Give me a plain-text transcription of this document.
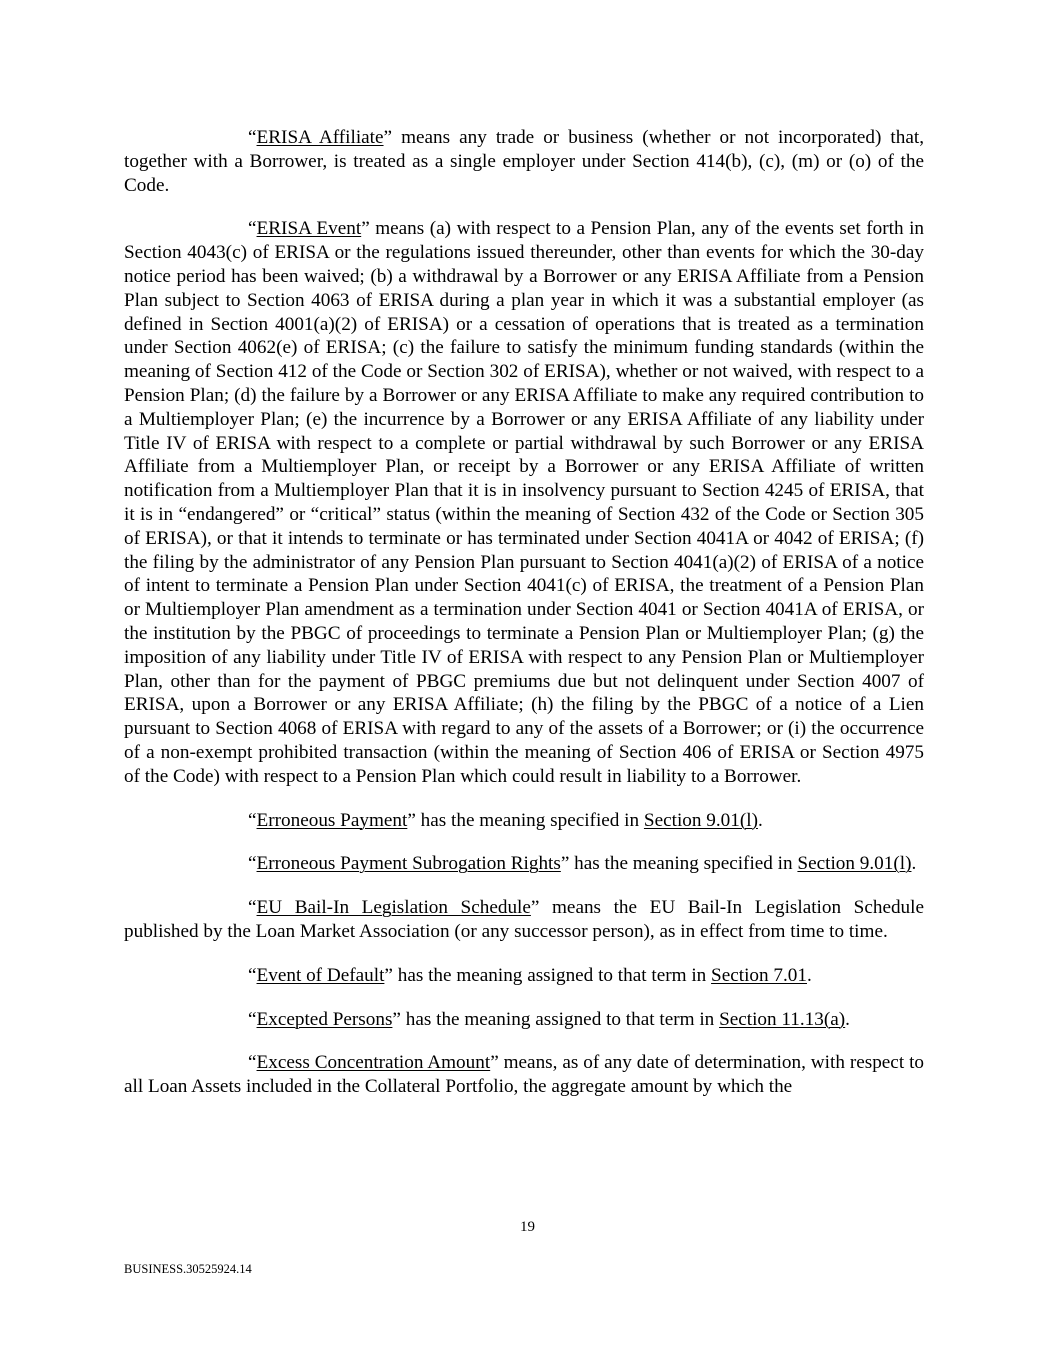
“ERISA Affiliate” means any trade or business (whether or not incorporated) that, together with a Borrower, is treated as a single employer under Section 414(b), (c), (m) or (o) of the Code.

“ERISA Event” means (a) with respect to a Pension Plan, any of the events set forth in Section 4043(c) of ERISA or the regulations issued thereunder, other than events for which the 30-day notice period has been waived; (b) a withdrawal by a Borrower or any ERISA Affiliate from a Pension Plan subject to Section 4063 of ERISA during a plan year in which it was a substantial employer (as defined in Section 4001(a)(2) of ERISA) or a cessation of operations that is treated as a termination under Section 4062(e) of ERISA; (c) the failure to satisfy the minimum funding standards (within the meaning of Section 412 of the Code or Section 302 of ERISA), whether or not waived, with respect to a Pension Plan; (d) the failure by a Borrower or any ERISA Affiliate to make any required contribution to a Multiemployer Plan; (e) the incurrence by a Borrower or any ERISA Affiliate of any liability under Title IV of ERISA with respect to a complete or partial withdrawal by such Borrower or any ERISA Affiliate from a Multiemployer Plan, or receipt by a Borrower or any ERISA Affiliate of written notification from a Multiemployer Plan that it is in insolvency pursuant to Section 4245 of ERISA, that it is in “endangered” or “critical” status (within the meaning of Section 432 of the Code or Section 305 of ERISA), or that it intends to terminate or has terminated under Section 4041A or 4042 of ERISA; (f) the filing by the administrator of any Pension Plan pursuant to Section 4041(a)(2) of ERISA of a notice of intent to terminate a Pension Plan under Section 4041(c) of ERISA, the treatment of a Pension Plan or Multiemployer Plan amendment as a termination under Section 4041 or Section 4041A of ERISA, or the institution by the PBGC of proceedings to terminate a Pension Plan or Multiemployer Plan; (g) the imposition of any liability under Title IV of ERISA with respect to any Pension Plan or Multiemployer Plan, other than for the payment of PBGC premiums due but not delinquent under Section 4007 of ERISA, upon a Borrower or any ERISA Affiliate; (h) the filing by the PBGC of a notice of a Lien pursuant to Section 4068 of ERISA with regard to any of the assets of a Borrower; or (i) the occurrence of a non-exempt prohibited transaction (within the meaning of Section 406 of ERISA or Section 4975 of the Code) with respect to a Pension Plan which could result in liability to a Borrower.

“Erroneous Payment” has the meaning specified in Section 9.01(l).

“Erroneous Payment Subrogation Rights” has the meaning specified in Section 9.01(l).

“EU Bail-In Legislation Schedule” means the EU Bail-In Legislation Schedule published by the Loan Market Association (or any successor person), as in effect from time to time.

“Event of Default” has the meaning assigned to that term in Section 7.01.

“Excepted Persons” has the meaning assigned to that term in Section 11.13(a).

“Excess Concentration Amount” means, as of any date of determination, with respect to all Loan Assets included in the Collateral Portfolio, the aggregate amount by which the

19
BUSINESS.30525924.14
